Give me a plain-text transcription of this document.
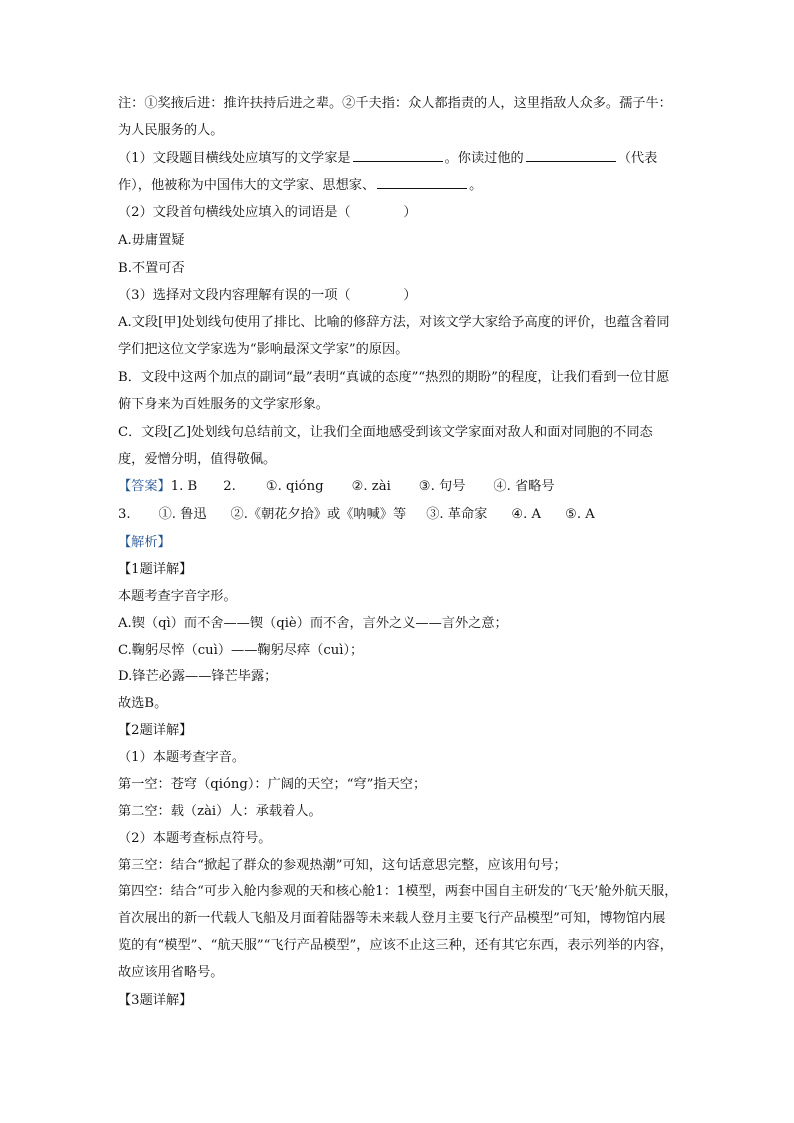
注：①奖掖后进：推许扶持后进之辈。②千夫指：众人都指责的人，这里指敌人众多。孺子牛：为人民服务的人。
（1）文段题目横线处应填写的文学家是	。你读过他的	（代表
作），他被称为中国伟大的文学家、思想家、	。
（2）文段首句横线处应填入的词语是（　　　　）
A.毋庸置疑
B.不置可否
（3）选择对文段内容理解有误的一项（　　　　）
A.文段[甲]处划线句使用了排比、比喻的修辞方法，对该文学大家给予高度的评价，也蕴含着同学们把这位文学家选为“影响最深文学家”的原因。
B．文段中这两个加点的副词“最”表明“真诚的态度”“热烈的期盼”的程度，让我们看到一位甘愿俯下身来为百姓服务的文学家形象。
C．文段[乙]处划线句总结前文，让我们全面地感受到该文学家面对敌人和面对同胞的不同态度，爱憎分明，值得敬佩。
【答案】1. B 2. ①. qióng ②. zài ③. 句号 ④. 省略号
3. ①. 鲁迅 ②.《朝花夕拾》或《呐喊》等 ③. 革命家 ④. A ⑤. A
【解析】
【1题详解】
本题考查字音字形。
A.锲（qì）而不舍——锲（qiè）而不舍，言外之义——言外之意；
C.鞠躬尽悴（cuì）——鞠躬尽瘁（cuì）；
D.锋芒必露——锋芒毕露；
故选B。
【2题详解】
（1）本题考查字音。
第一空：苍穹（qióng）：广阔的天空；“穹”指天空；
第二空：载（zài）人：承载着人。
（2）本题考查标点符号。
第三空：结合“掀起了群众的参观热潮”可知，这句话意思完整，应该用句号；
第四空：结合“可步入舱内参观的天和核心舱1：1模型，两套中国自主研发的‘飞天’舱外航天服，首次展出的新一代载人飞船及月面着陆器等未来载人登月主要飞行产品模型”可知，博物馆内展览的有“模型”、“航天服”“飞行产品模型”，应该不止这三种，还有其它东西，表示列举的内容，故应该用省略号。
【3题详解】
